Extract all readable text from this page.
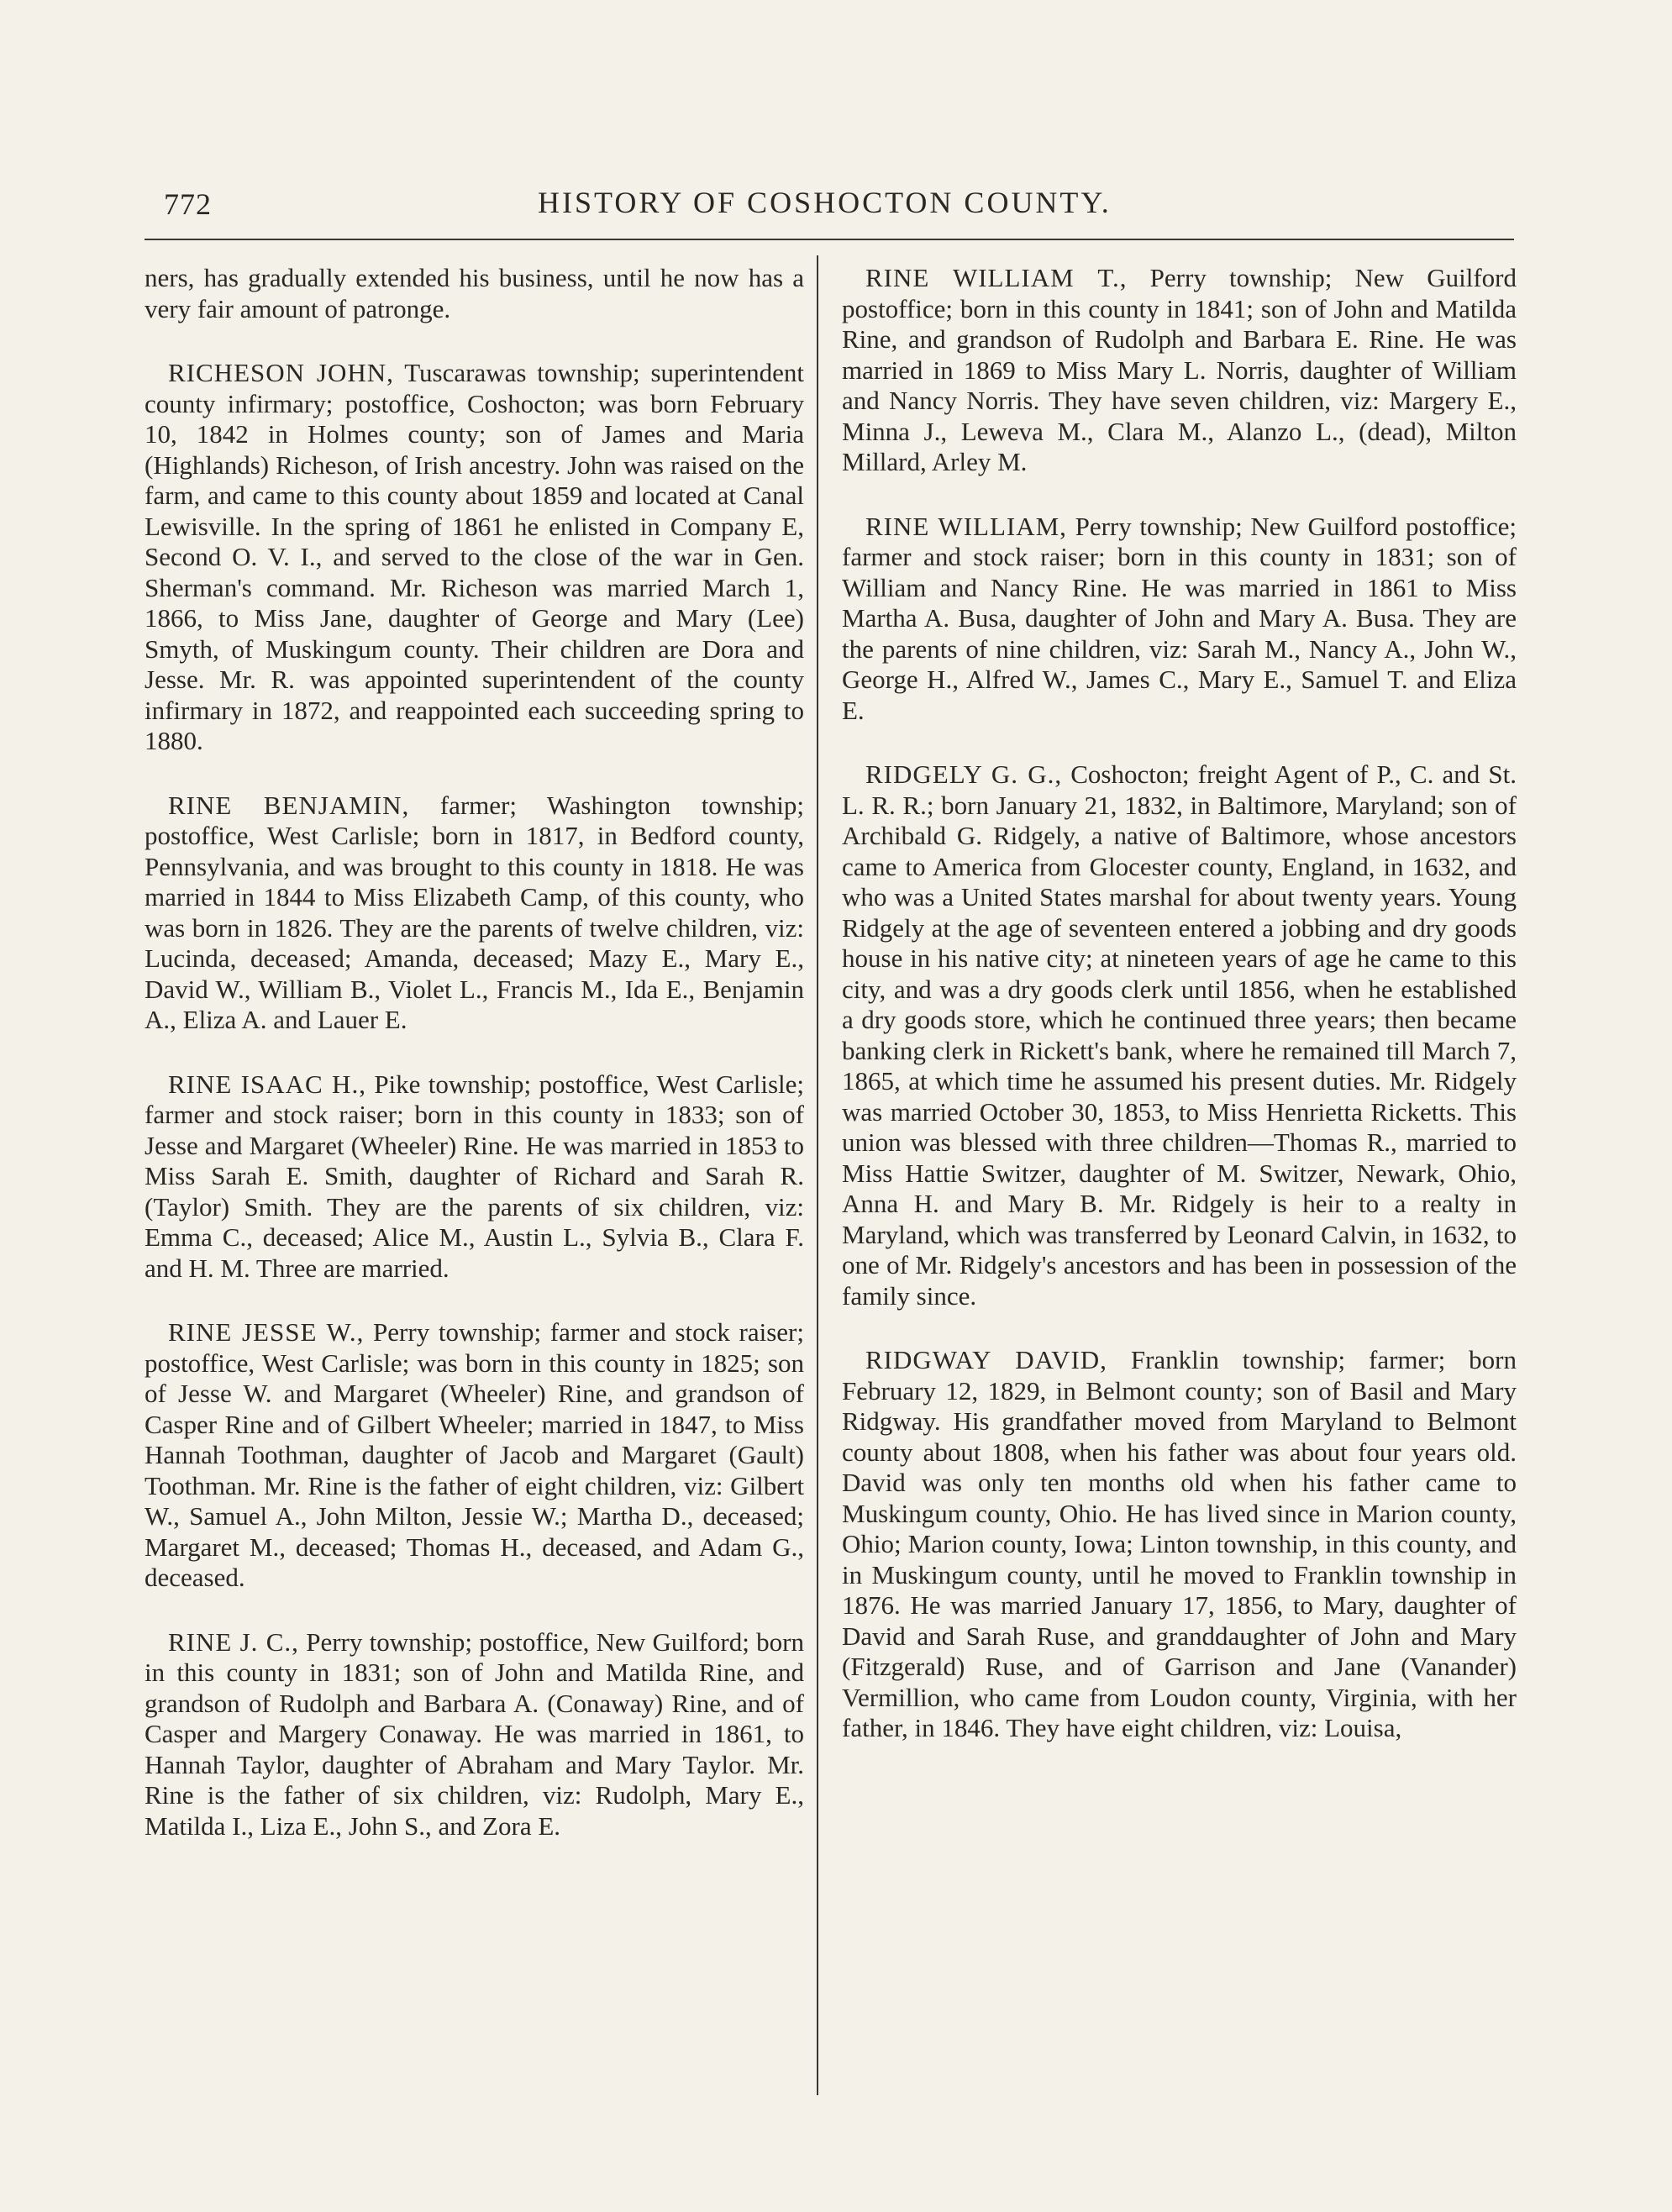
772	HISTORY OF COSHOCTON COUNTY.

ners, has gradually extended his business, until he now has a very fair amount of patronge.

RICHESON JOHN, Tuscarawas township; superintendent county infirmary; postoffice, Coshocton; was born February 10, 1842 in Holmes county; son of James and Maria (Highlands) Richeson, of Irish ancestry. John was raised on the farm, and came to this county about 1859 and located at Canal Lewisville. In the spring of 1861 he enlisted in Company E, Second O. V. I., and served to the close of the war in Gen. Sherman's command. Mr. Richeson was married March 1, 1866, to Miss Jane, daughter of George and Mary (Lee) Smyth, of Muskingum county. Their children are Dora and Jesse. Mr. R. was appointed superintendent of the county infirmary in 1872, and reappointed each succeeding spring to 1880.

RINE BENJAMIN, farmer; Washington township; postoffice, West Carlisle; born in 1817, in Bedford county, Pennsylvania, and was brought to this county in 1818. He was married in 1844 to Miss Elizabeth Camp, of this county, who was born in 1826. They are the parents of twelve children, viz: Lucinda, deceased; Amanda, deceased; Mazy E., Mary E., David W., William B., Violet L., Francis M., Ida E., Benjamin A., Eliza A. and Lauer E.

RINE ISAAC H., Pike township; postoffice, West Carlisle; farmer and stock raiser; born in this county in 1833; son of Jesse and Margaret (Wheeler) Rine. He was married in 1853 to Miss Sarah E. Smith, daughter of Richard and Sarah R. (Taylor) Smith. They are the parents of six children, viz: Emma C., deceased; Alice M., Austin L., Sylvia B., Clara F. and H. M. Three are married.

RINE JESSE W., Perry township; farmer and stock raiser; postoffice, West Carlisle; was born in this county in 1825; son of Jesse W. and Margaret (Wheeler) Rine, and grandson of Casper Rine and of Gilbert Wheeler; married in 1847, to Miss Hannah Toothman, daughter of Jacob and Margaret (Gault) Toothman. Mr. Rine is the father of eight children, viz: Gilbert W., Samuel A., John Milton, Jessie W.; Martha D., deceased; Margaret M., deceased; Thomas H., deceased, and Adam G., deceased.

RINE J. C., Perry township; postoffice, New Guilford; born in this county in 1831; son of John and Matilda Rine, and grandson of Rudolph and Barbara A. (Conaway) Rine, and of Casper and Margery Conaway. He was married in 1861, to Hannah Taylor, daughter of Abraham and Mary Taylor. Mr. Rine is the father of six children, viz: Rudolph, Mary E., Matilda I., Liza E., John S., and Zora E.

RINE WILLIAM T., Perry township; New Guilford postoffice; born in this county in 1841; son of John and Matilda Rine, and grandson of Rudolph and Barbara E. Rine. He was married in 1869 to Miss Mary L. Norris, daughter of William and Nancy Norris. They have seven children, viz: Margery E., Minna J., Leweva M., Clara M., Alanzo L., (dead), Milton Millard, Arley M.

RINE WILLIAM, Perry township; New Guilford postoffice; farmer and stock raiser; born in this county in 1831; son of William and Nancy Rine. He was married in 1861 to Miss Martha A. Busa, daughter of John and Mary A. Busa. They are the parents of nine children, viz: Sarah M., Nancy A., John W., George H., Alfred W., James C., Mary E., Samuel T. and Eliza E.

RIDGELY G. G., Coshocton; freight Agent of P., C. and St. L. R. R.; born January 21, 1832, in Baltimore, Maryland; son of Archibald G. Ridgely, a native of Baltimore, whose ancestors came to America from Glocester county, England, in 1632, and who was a United States marshal for about twenty years. Young Ridgely at the age of seventeen entered a jobbing and dry goods house in his native city; at nineteen years of age he came to this city, and was a dry goods clerk until 1856, when he established a dry goods store, which he continued three years; then became banking clerk in Rickett's bank, where he remained till March 7, 1865, at which time he assumed his present duties. Mr. Ridgely was married October 30, 1853, to Miss Henrietta Ricketts. This union was blessed with three children—Thomas R., married to Miss Hattie Switzer, daughter of M. Switzer, Newark, Ohio, Anna H. and Mary B. Mr. Ridgely is heir to a realty in Maryland, which was transferred by Leonard Calvin, in 1632, to one of Mr. Ridgely's ancestors and has been in possession of the family since.

RIDGWAY DAVID, Franklin township; farmer; born February 12, 1829, in Belmont county; son of Basil and Mary Ridgway. His grandfather moved from Maryland to Belmont county about 1808, when his father was about four years old. David was only ten months old when his father came to Muskingum county, Ohio. He has lived since in Marion county, Ohio; Marion county, Iowa; Linton township, in this county, and in Muskingum county, until he moved to Franklin township in 1876. He was married January 17, 1856, to Mary, daughter of David and Sarah Ruse, and granddaughter of John and Mary (Fitzgerald) Ruse, and of Garrison and Jane (Vanander) Vermillion, who came from Loudon county, Virginia, with her father, in 1846. They have eight children, viz: Louisa,
